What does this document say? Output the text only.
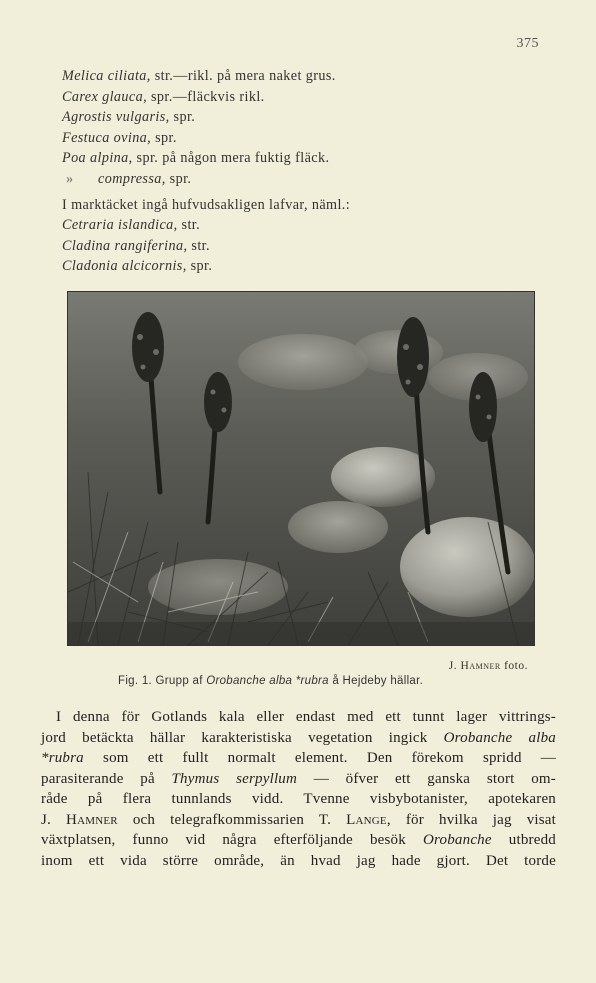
375
Melica ciliata, str.—rikl. på mera naket grus.
Carex glauca, spr.—fläckvis rikl.
Agrostis vulgaris, spr.
Festuca ovina, spr.
Poa alpina, spr. på någon mera fuktig fläck.
» compressa, spr.
I marktäcket ingå hufvudsakligen lafvar, näml.:
Cetraria islandica, str.
Cladina rangiferina, str.
Cladonia alcicornis, spr.
J. Hamner foto.
Fig. 1. Grupp af Orobanche alba *rubra å Hejdeby hällar.
I denna för Gotlands kala eller endast med ett tunnt lager vittrings-
jord betäckta hällar karakteristiska vegetation ingick Orobanche alba
*rubra som ett fullt normalt element. Den förekom spridd —
parasiterande på Thymus serpyllum — öfver ett ganska stort om-
råde på flera tunnlands vidd. Tvenne visbybotanister, apotekaren
J. Hamner och telegrafkommissarien T. Lange, för hvilka jag visat
växtplatsen, funno vid några efterföljande besök Orobanche utbredd
inom ett vida större område, än hvad jag hade gjort. Det torde
